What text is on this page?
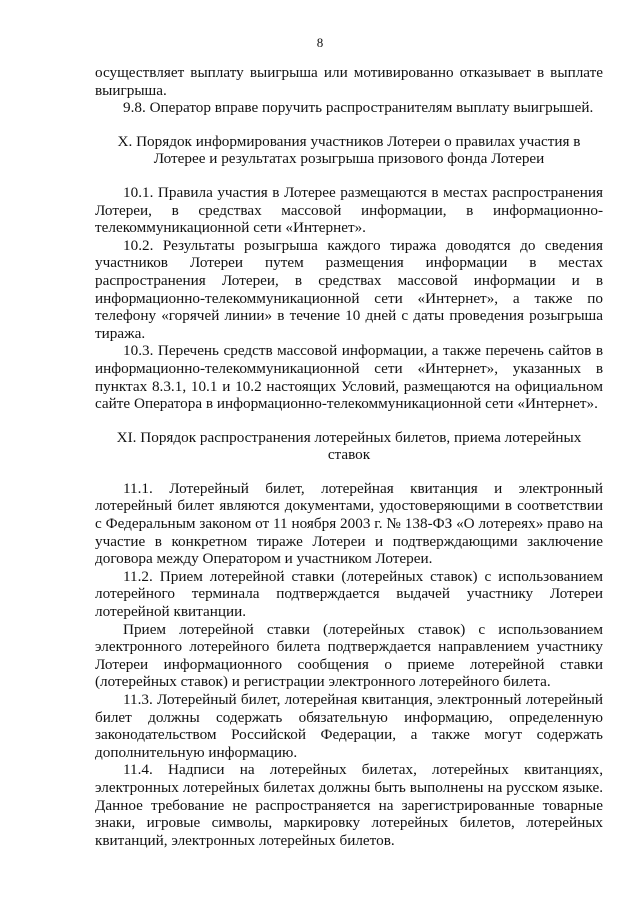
8

осуществляет выплату выигрыша или мотивированно отказывает в выплате выигрыша.

9.8. Оператор вправе поручить распространителям выплату выигрышей.

X. Порядок информирования участников Лотереи о правилах участия в Лотерее и результатах розыгрыша призового фонда Лотереи

10.1. Правила участия в Лотерее размещаются в местах распространения Лотереи, в средствах массовой информации, в информационно-телекоммуникационной сети «Интернет».

10.2. Результаты розыгрыша каждого тиража доводятся до сведения участников Лотереи путем размещения информации в местах распространения Лотереи, в средствах массовой информации и в информационно-телекоммуникационной сети «Интернет», а также по телефону «горячей линии» в течение 10 дней с даты проведения розыгрыша тиража.

10.3. Перечень средств массовой информации, а также перечень сайтов в информационно-телекоммуникационной сети «Интернет», указанных в пунктах 8.3.1, 10.1 и 10.2 настоящих Условий, размещаются на официальном сайте Оператора в информационно-телекоммуникационной сети «Интернет».

XI. Порядок распространения лотерейных билетов, приема лотерейных ставок

11.1. Лотерейный билет, лотерейная квитанция и электронный лотерейный билет являются документами, удостоверяющими в соответствии с Федеральным законом от 11 ноября 2003 г. № 138-ФЗ «О лотереях» право на участие в конкретном тираже Лотереи и подтверждающими заключение договора между Оператором и участником Лотереи.

11.2. Прием лотерейной ставки (лотерейных ставок) с использованием лотерейного терминала подтверждается выдачей участнику Лотереи лотерейной квитанции.

Прием лотерейной ставки (лотерейных ставок) с использованием электронного лотерейного билета подтверждается направлением участнику Лотереи информационного сообщения о приеме лотерейной ставки (лотерейных ставок) и регистрации электронного лотерейного билета.

11.3. Лотерейный билет, лотерейная квитанция, электронный лотерейный билет должны содержать обязательную информацию, определенную законодательством Российской Федерации, а также могут содержать дополнительную информацию.

11.4. Надписи на лотерейных билетах, лотерейных квитанциях, электронных лотерейных билетах должны быть выполнены на русском языке. Данное требование не распространяется на зарегистрированные товарные знаки, игровые символы, маркировку лотерейных билетов, лотерейных квитанций, электронных лотерейных билетов.
